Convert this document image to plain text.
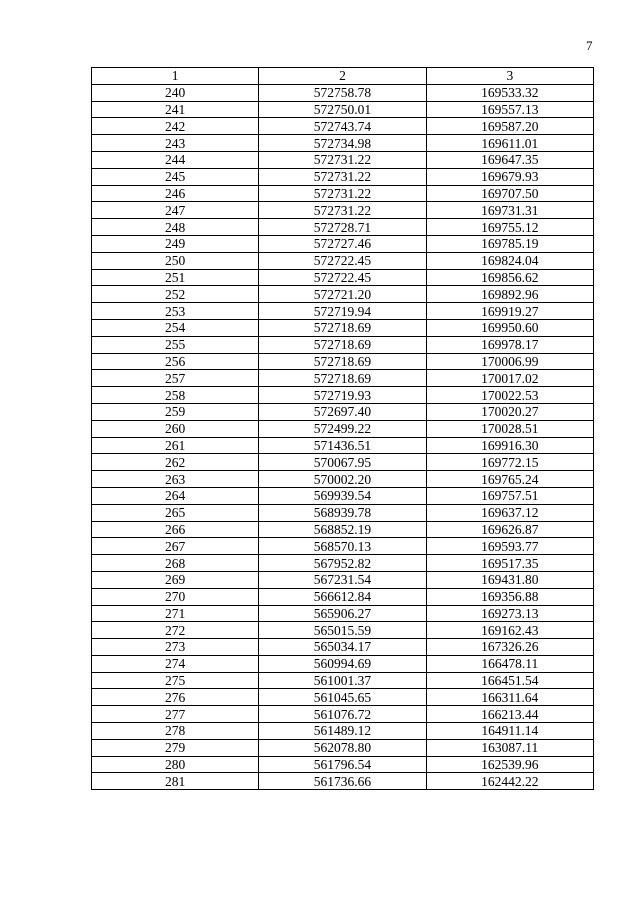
7
1	2	3
240	572758.78	169533.32
241	572750.01	169557.13
242	572743.74	169587.20
243	572734.98	169611.01
244	572731.22	169647.35
245	572731.22	169679.93
246	572731.22	169707.50
247	572731.22	169731.31
248	572728.71	169755.12
249	572727.46	169785.19
250	572722.45	169824.04
251	572722.45	169856.62
252	572721.20	169892.96
253	572719.94	169919.27
254	572718.69	169950.60
255	572718.69	169978.17
256	572718.69	170006.99
257	572718.69	170017.02
258	572719.93	170022.53
259	572697.40	170020.27
260	572499.22	170028.51
261	571436.51	169916.30
262	570067.95	169772.15
263	570002.20	169765.24
264	569939.54	169757.51
265	568939.78	169637.12
266	568852.19	169626.87
267	568570.13	169593.77
268	567952.82	169517.35
269	567231.54	169431.80
270	566612.84	169356.88
271	565906.27	169273.13
272	565015.59	169162.43
273	565034.17	167326.26
274	560994.69	166478.11
275	561001.37	166451.54
276	561045.65	166311.64
277	561076.72	166213.44
278	561489.12	164911.14
279	562078.80	163087.11
280	561796.54	162539.96
281	561736.66	162442.22
